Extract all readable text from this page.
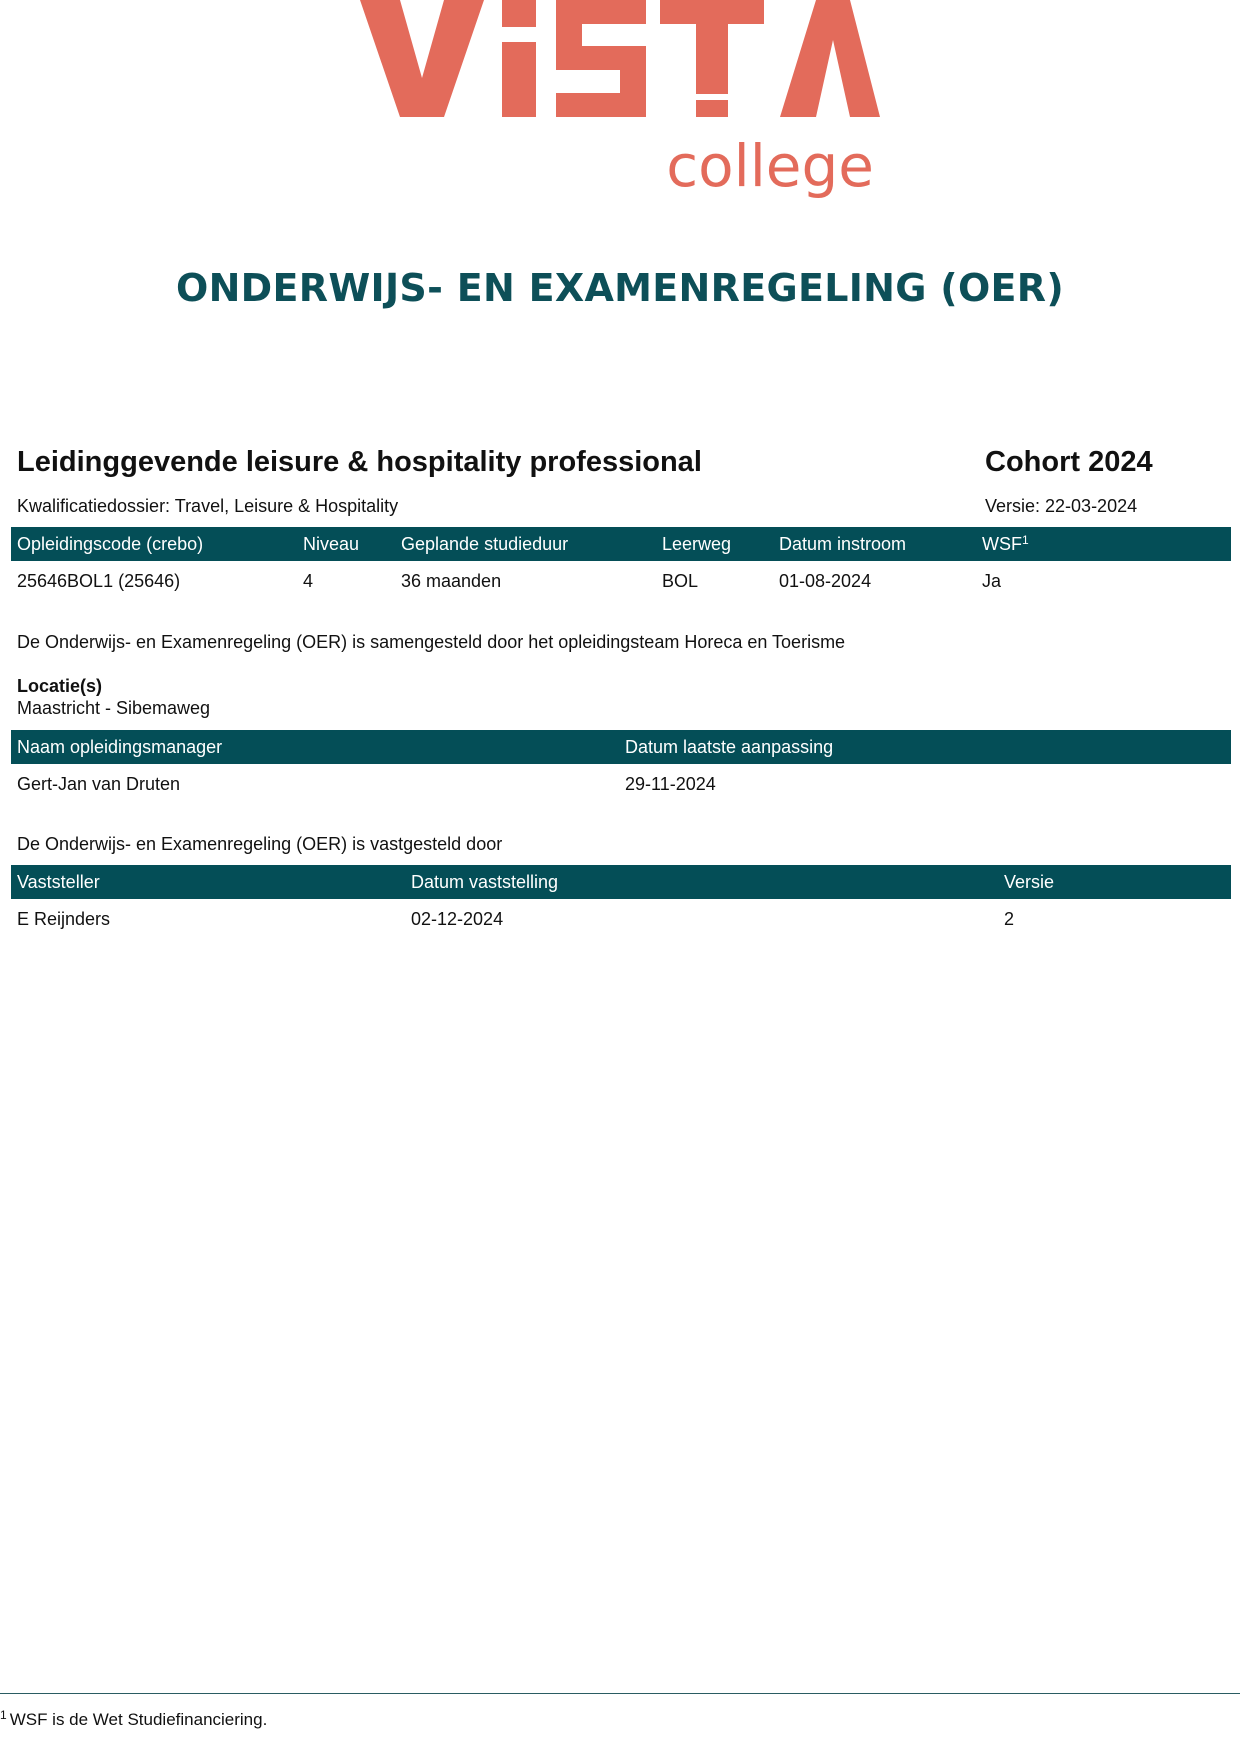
college
ONDERWIJS- EN EXAMENREGELING (OER)
Leidinggevende leisure & hospitality professional	Cohort 2024
Kwalificatiedossier: Travel, Leisure & Hospitality	Versie: 22-03-2024
Opleidingscode (crebo)	Niveau	Geplande studieduur	Leerweg	Datum instroom	WSF$^1$
25646BOL1 (25646)	4	36 maanden	BOL	01-08-2024	Ja
De Onderwijs- en Examenregeling (OER) is samengesteld door het opleidingsteam Horeca en Toerisme
Locatie(s)
Maastricht - Sibemaweg
Naam opleidingsmanager	Datum laatste aanpassing
Gert-Jan van Druten	29-11-2024
De Onderwijs- en Examenregeling (OER) is vastgesteld door
Vaststeller	Datum vaststelling	Versie
E Reijnders	02-12-2024	2
$^1$ WSF is de Wet Studiefinanciering.
